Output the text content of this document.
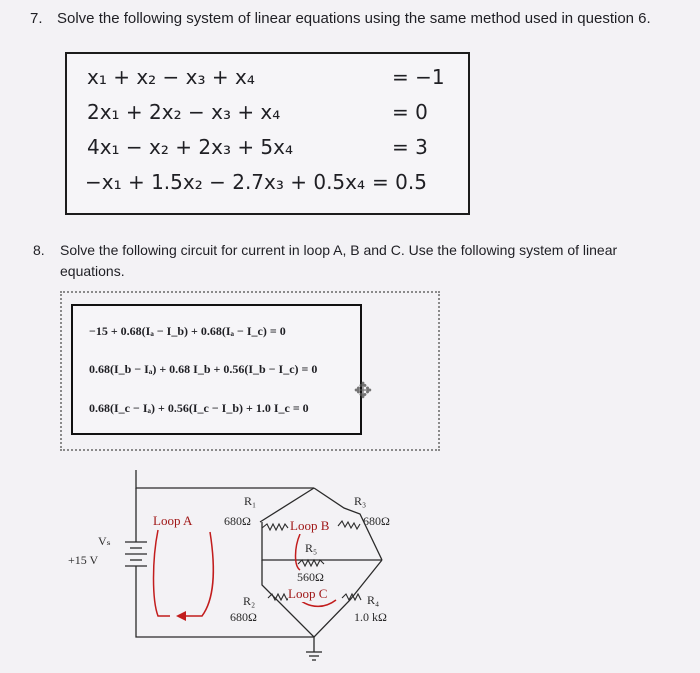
7. Solve the following system of linear equations using the same method used in question 6.
x₁ + x₂ − x₃ + x₄	= −1
2x₁ + 2x₂ − x₃ + x₄	= 0
4x₁ − x₂ + 2x₃ + 5x₄	= 3
−x₁ + 1.5x₂ − 2.7x₃ + 0.5x₄ = 0.5
8. Solve the following circuit for current in loop A, B and C. Use the following system of linear
equations.
−15 + 0.68(Iₐ − I_b) + 0.68(Iₐ − I_c) = 0
0.68(I_b − Iₐ) + 0.68 I_b + 0.56(I_b − I_c) = 0
0.68(I_c − Iₐ) + 0.56(I_c − I_b) + 1.0 I_c = 0
✥
R₁
680Ω
R₃
680Ω
R₅
560Ω
R₂
680Ω
R₄
1.0 kΩ
Vₛ
+15 V
Loop A	Loop B
Loop C
